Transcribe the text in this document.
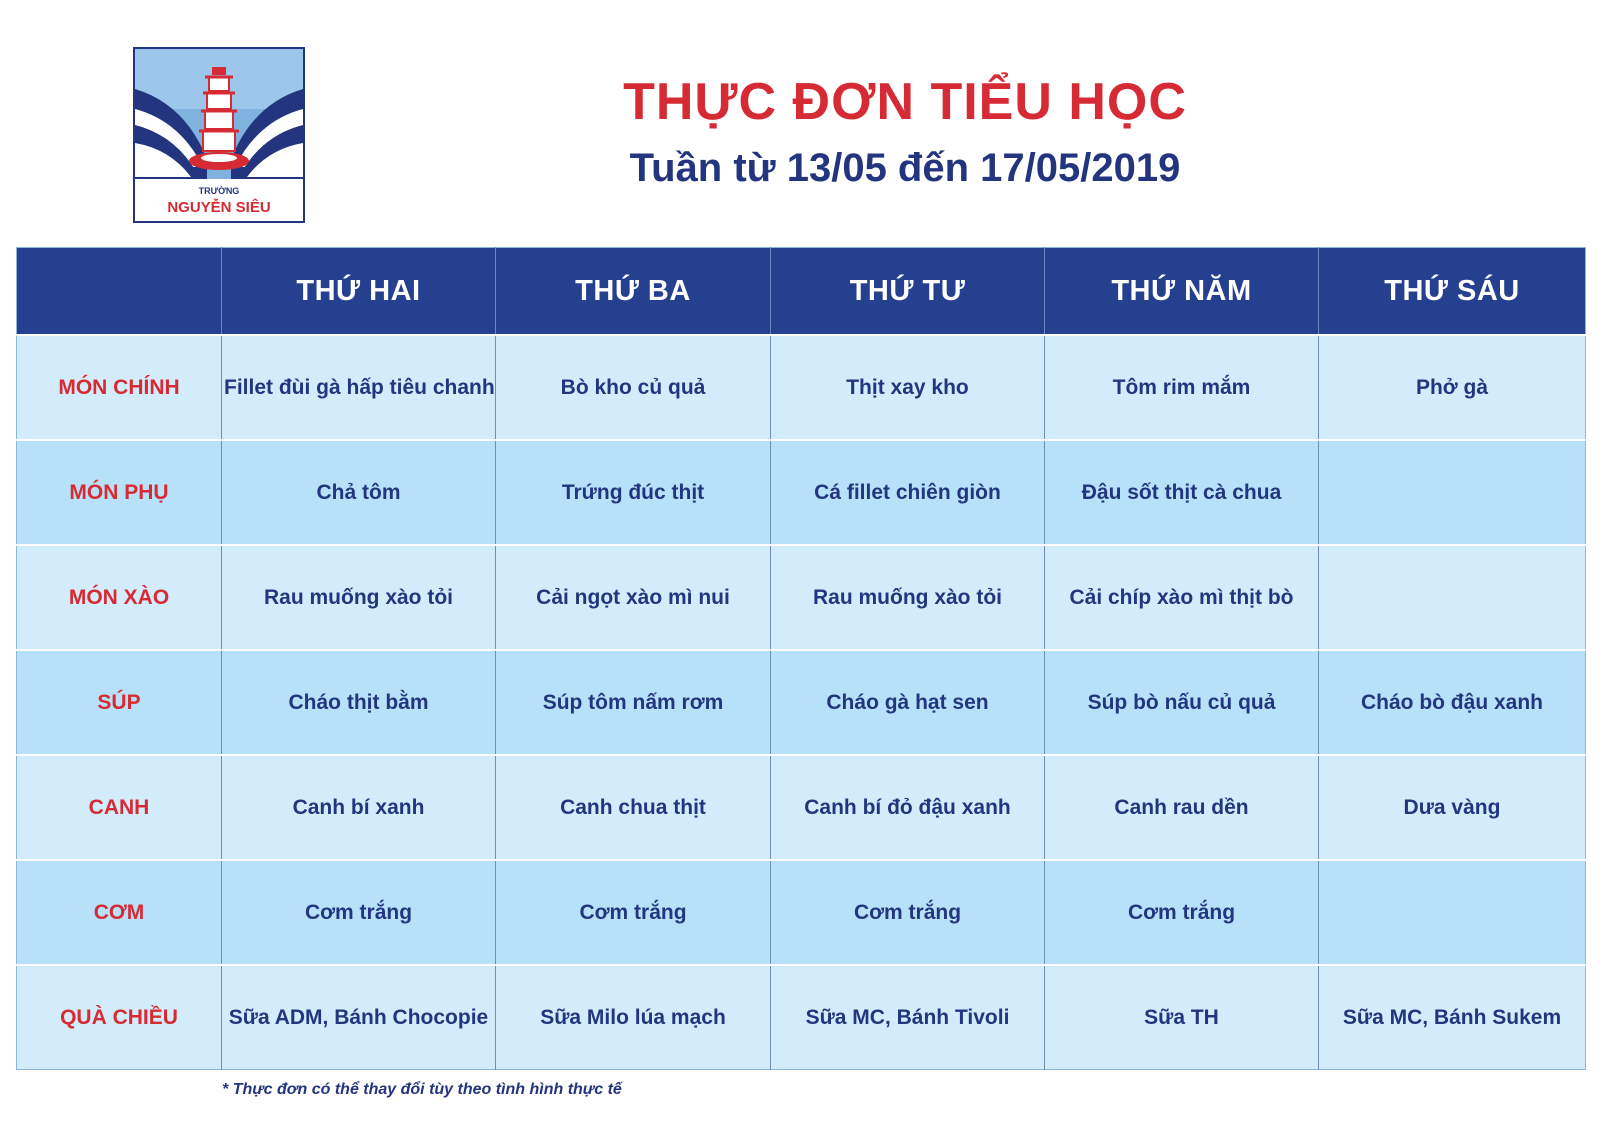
TRƯỜNG
NGUYỄN SIÊU
THỰC ĐƠN TIỂU HỌC
Tuần từ 13/05 đến 17/05/2019
	THỨ HAI	THỨ BA	THỨ TƯ	THỨ NĂM	THỨ SÁU
MÓN CHÍNH	Fillet đùi gà hấp tiêu chanh	Bò kho củ quả	Thịt xay kho	Tôm rim mắm	Phở gà
MÓN PHỤ	Chả tôm	Trứng đúc thịt	Cá fillet chiên giòn	Đậu sốt thịt cà chua	
MÓN XÀO	Rau muống xào tỏi	Cải ngọt xào mì nui	Rau muống xào tỏi	Cải chíp xào mì thịt bò	
SÚP	Cháo thịt bằm	Súp tôm nấm rơm	Cháo gà hạt sen	Súp bò nấu củ quả	Cháo bò đậu xanh
CANH	Canh bí xanh	Canh chua thịt	Canh bí đỏ đậu xanh	Canh rau dền	Dưa vàng
CƠM	Cơm trắng	Cơm trắng	Cơm trắng	Cơm trắng	
QUÀ CHIỀU	Sữa ADM, Bánh Chocopie	Sữa Milo lúa mạch	Sữa MC, Bánh Tivoli	Sữa TH	Sữa MC, Bánh Sukem
* Thực đơn có thể thay đổi tùy theo tình hình thực tế
